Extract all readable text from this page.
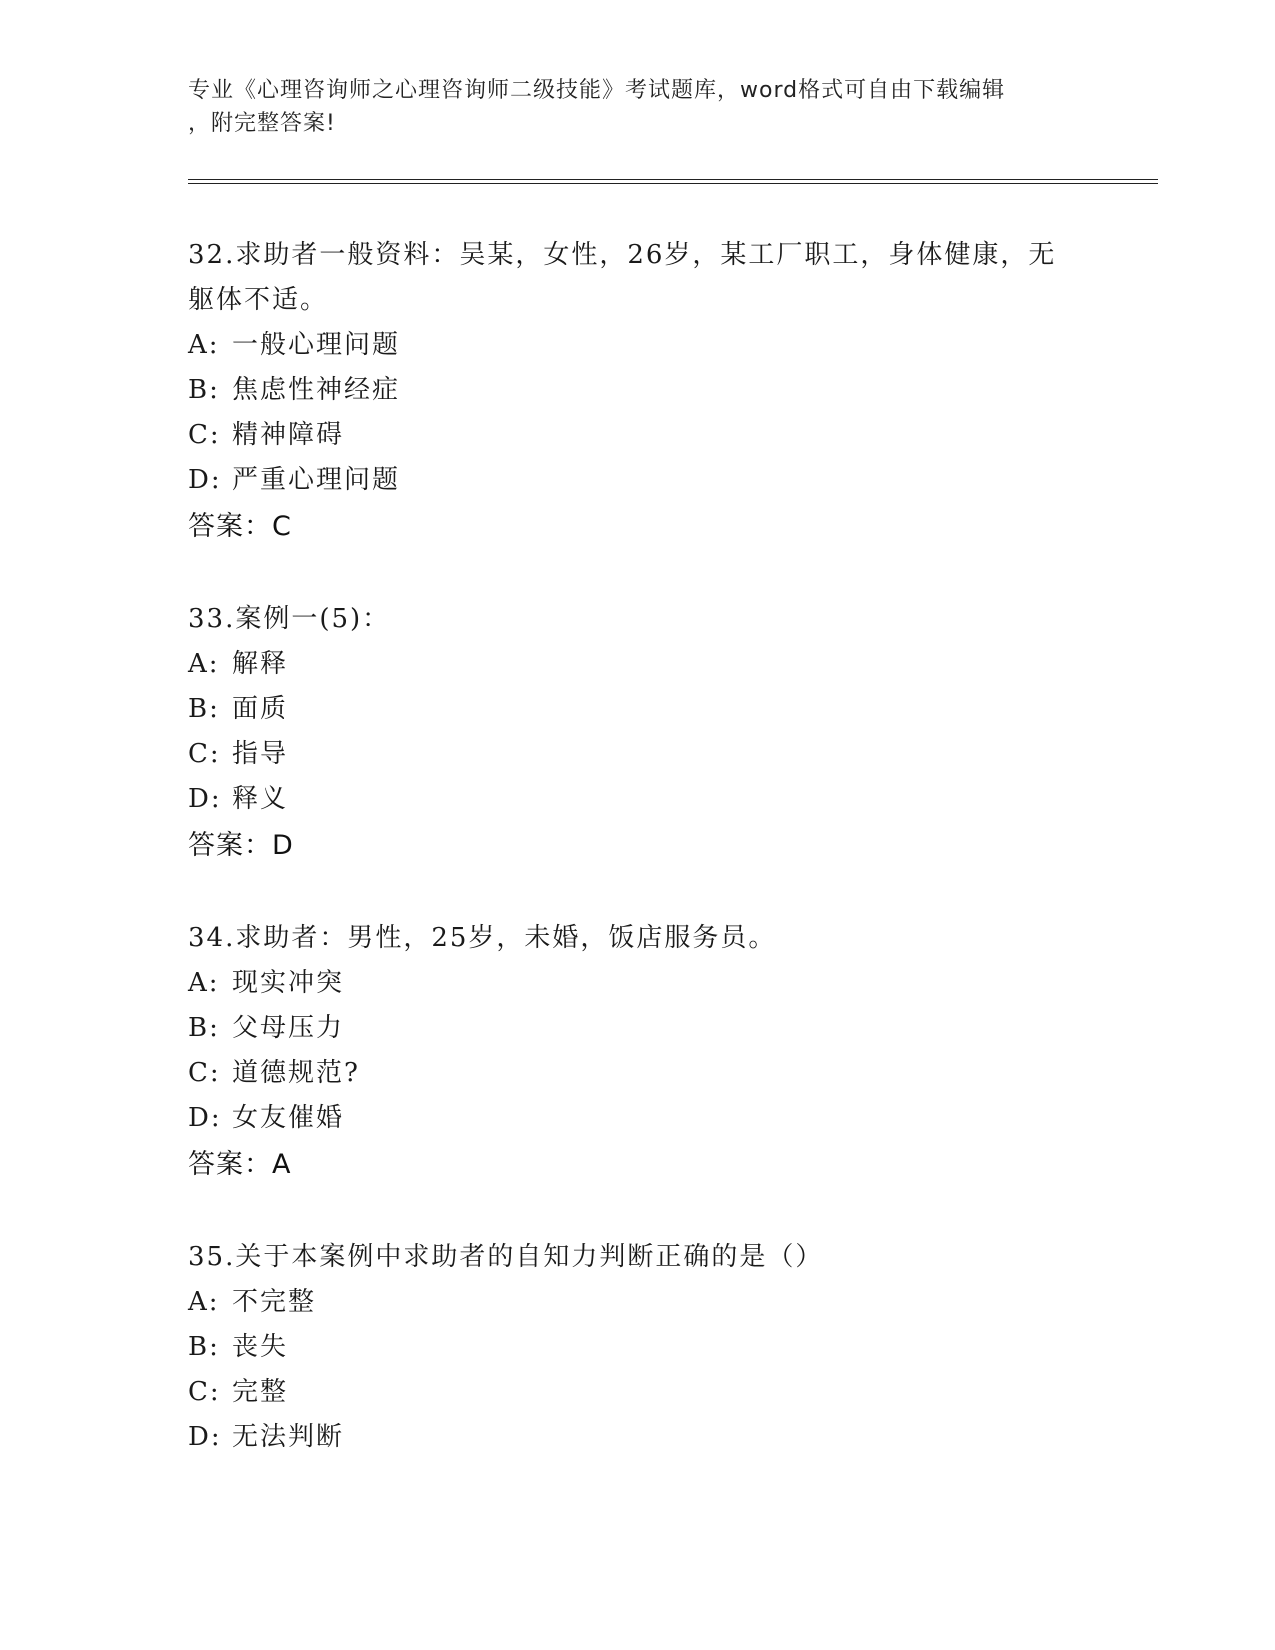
专业《心理咨询师之心理咨询师二级技能》考试题库，word格式可自由下载编辑
，附完整答案!
32.求助者一般资料：吴某，女性，26岁，某工厂职工，身体健康，无
躯体不适。
A: 一般心理问题
B: 焦虑性神经症
C: 精神障碍
D: 严重心理问题
答案：C
33.案例一(5)：
A: 解释
B: 面质
C: 指导
D: 释义
答案：D
34.求助者：男性，25岁，未婚，饭店服务员。
A: 现实冲突
B: 父母压力
C: 道德规范?
D: 女友催婚
答案：A
35.关于本案例中求助者的自知力判断正确的是（）
A: 不完整
B: 丧失
C: 完整
D: 无法判断
